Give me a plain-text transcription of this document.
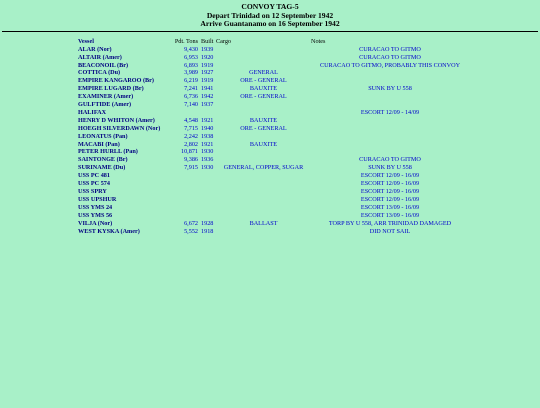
CONVOY TAG-5
Depart Trinidad on 12 September 1942
Arrive Guantanamo on 16 September 1942
Vessel	Pdt. Tons	Built	Cargo	Notes
ALAR (Nor)	9,430	1939		CURACAO TO GITMO
ALTAIR (Amer)	6,953	1920		CURACAO TO GITMO
BEACONOIL (Br)	6,893	1919		CURACAO TO GITMO, PROBABLY THIS CONVOY
COTTICA (Du)	3,989	1927	GENERAL	
EMPIRE KANGAROO (Br)	6,219	1919	ORE - GENERAL	
EMPIRE LUGARD (Br)	7,241	1941	BAUXITE	SUNK BY U 558
EXAMINER (Amer)	6,736	1942	ORE - GENERAL	
GULFTIDE (Amer)	7,140	1937		
HALIFAX				ESCORT 12/09 - 14/09
HENRY D WHITON (Amer)	4,548	1921	BAUXITE	
HOEGH SILVERDAWN (Nor)	7,715	1940	ORE - GENERAL	
LEONATUS (Pan)	2,242	1938		
MACABI (Pan)	2,802	1921	BAUXITE	
PETER HURLL (Pan)	10,871	1930		
SAINTONGE (Br)	9,386	1936		CURACAO TO GITMO
SURINAME (Du)	7,915	1930	GENERAL, COPPER, SUGAR	SUNK BY U 558
USS PC 481				ESCORT 12/09 - 16/09
USS PC 574				ESCORT 12/09 - 16/09
USS SPRY				ESCORT 12/09 - 16/09
USS UPSHUR				ESCORT 12/09 - 16/09
USS YMS 24				ESCORT 13/09 - 16/09
USS YMS 56				ESCORT 13/09 - 16/09
VILJA (Nor)	6,672	1928	BALLAST	TORP BY U 558, ARR TRINIDAD DAMAGED
WEST KYSKA (Amer)	5,552	1918		DID NOT SAIL
